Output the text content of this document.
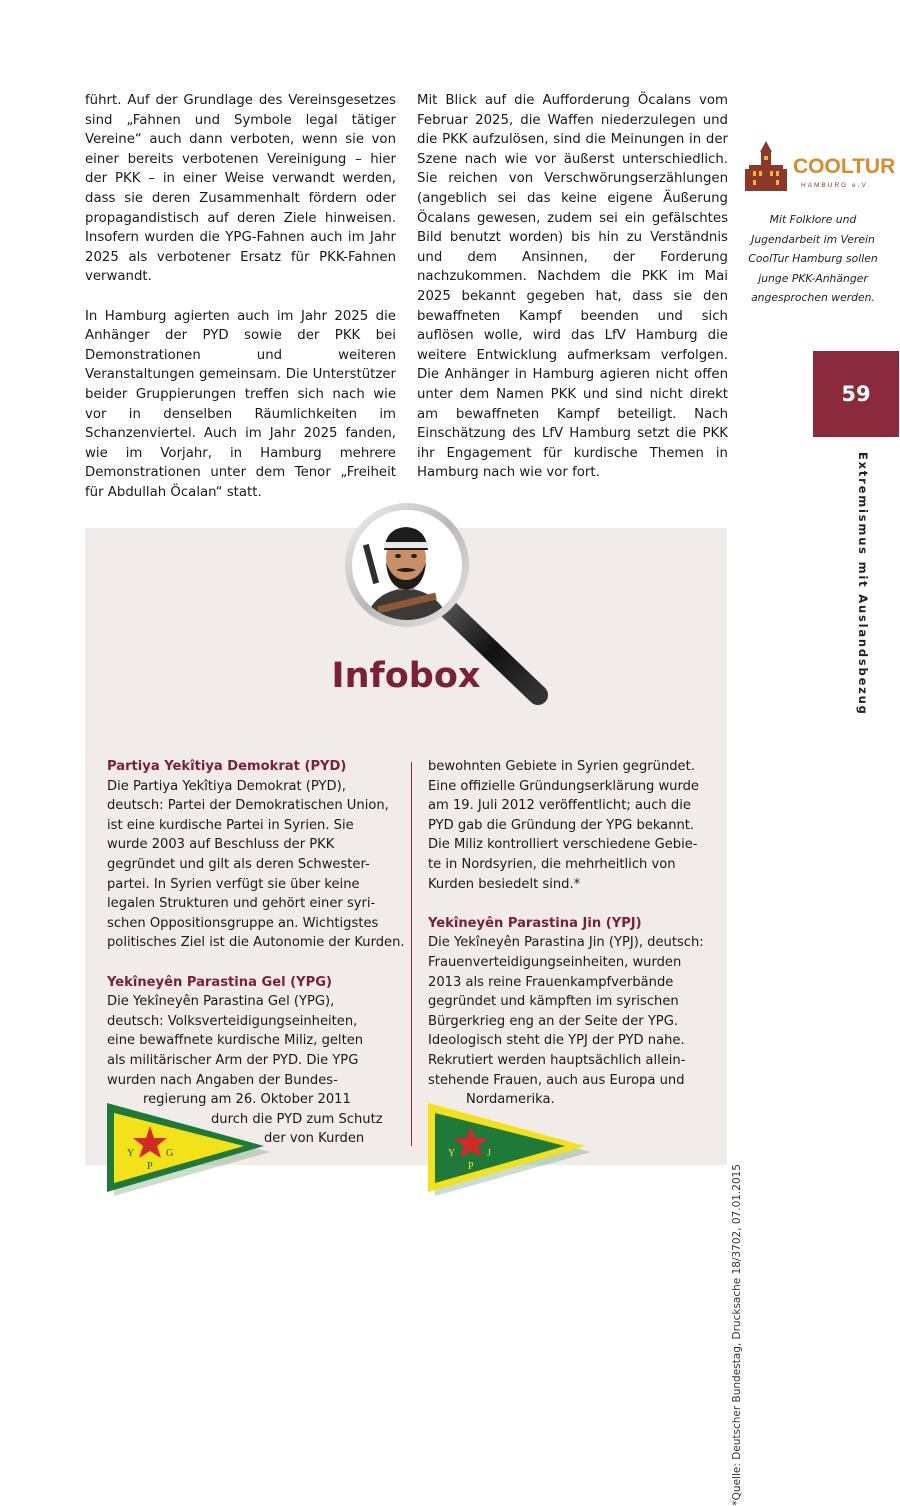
führt. Auf der Grundlage des Vereinsgesetzes sind „Fahnen und Symbole legal tätiger Vereine“ auch dann verboten, wenn sie von einer bereits verbotenen Vereinigung – hier der PKK – in einer Weise verwandt werden, dass sie deren Zusammenhalt fördern oder propagandistisch auf deren Ziele hinweisen. Insofern wurden die YPG-Fahnen auch im Jahr 2025 als verbotener Ersatz für PKK-Fahnen verwandt.

In Hamburg agierten auch im Jahr 2025 die Anhänger der PYD sowie der PKK bei Demonstrationen und weiteren Veranstaltungen gemeinsam. Die Unterstützer beider Gruppierungen treffen sich nach wie vor in denselben Räumlichkeiten im Schanzenviertel. Auch im Jahr 2025 fanden, wie im Vorjahr, in Hamburg mehrere Demonstrationen unter dem Tenor „Freiheit für Abdullah Öcalan“ statt.

Mit Blick auf die Aufforderung Öcalans vom Februar 2025, die Waffen niederzulegen und die PKK aufzulösen, sind die Meinungen in der Szene nach wie vor äußerst unterschiedlich. Sie reichen von Verschwörungserzählungen (angeblich sei das keine eigene Äußerung Öcalans gewesen, zudem sei ein gefälschtes Bild benutzt worden) bis hin zu Verständnis und dem Ansinnen, der Forderung nachzukommen. Nachdem die PKK im Mai 2025 bekannt gegeben hat, dass sie den bewaffneten Kampf beenden und sich auflösen wolle, wird das LfV Hamburg die weitere Entwicklung aufmerksam verfolgen. Die Anhänger in Hamburg agieren nicht offen unter dem Namen PKK und sind nicht direkt am bewaffneten Kampf beteiligt. Nach Einschätzung des LfV Hamburg setzt die PKK ihr Engagement für kurdische Themen in Hamburg nach wie vor fort.

COOLTUR
HAMBURG e.V.
Mit Folklore und Jugendarbeit im Verein CoolTur Hamburg sollen junge PKK-Anhänger angesprochen werden.
59
Extremismus mit Auslandsbezug
Infobox
Partiya Yekîtiya Demokrat (PYD)
Die Partiya Yekîtiya Demokrat (PYD),
deutsch: Partei der Demokratischen Union,
ist eine kurdische Partei in Syrien. Sie
wurde 2003 auf Beschluss der PKK
gegründet und gilt als deren Schwester-
partei. In Syrien verfügt sie über keine
legalen Strukturen und gehört einer syri-
schen Oppositionsgruppe an. Wichtigstes
politisches Ziel ist die Autonomie der Kurden.
Yekîneyên Parastina Gel (YPG)
Die Yekîneyên Parastina Gel (YPG),
deutsch: Volksverteidigungseinheiten,
eine bewaffnete kurdische Miliz, gelten
als militärischer Arm der PYD. Die YPG
wurden nach Angaben der Bundes-
regierung am 26. Oktober 2011
durch die PYD zum Schutz
der von Kurden
bewohnten Gebiete in Syrien gegründet.
Eine offizielle Gründungserklärung wurde
am 19. Juli 2012 veröffentlicht; auch die
PYD gab die Gründung der YPG bekannt.
Die Miliz kontrolliert verschiedene Gebie-
te in Nordsyrien, die mehrheitlich von
Kurden besiedelt sind.*
Yekîneyên Parastina Jin (YPJ)
Die Yekîneyên Parastina Jin (YPJ), deutsch:
Frauenverteidigungseinheiten, wurden
2013 als reine Frauenkampfverbände
gegründet und kämpften im syrischen
Bürgerkrieg eng an der Seite der YPG.
Ideologisch steht die YPJ der PYD nahe.
Rekrutiert werden hauptsächlich allein-
stehende Frauen, auch aus Europa und
Nordamerika.
Y
P
G	Y
P
J
*Quelle: Deutscher Bundestag, Drucksache 18/3702, 07.01.2015
